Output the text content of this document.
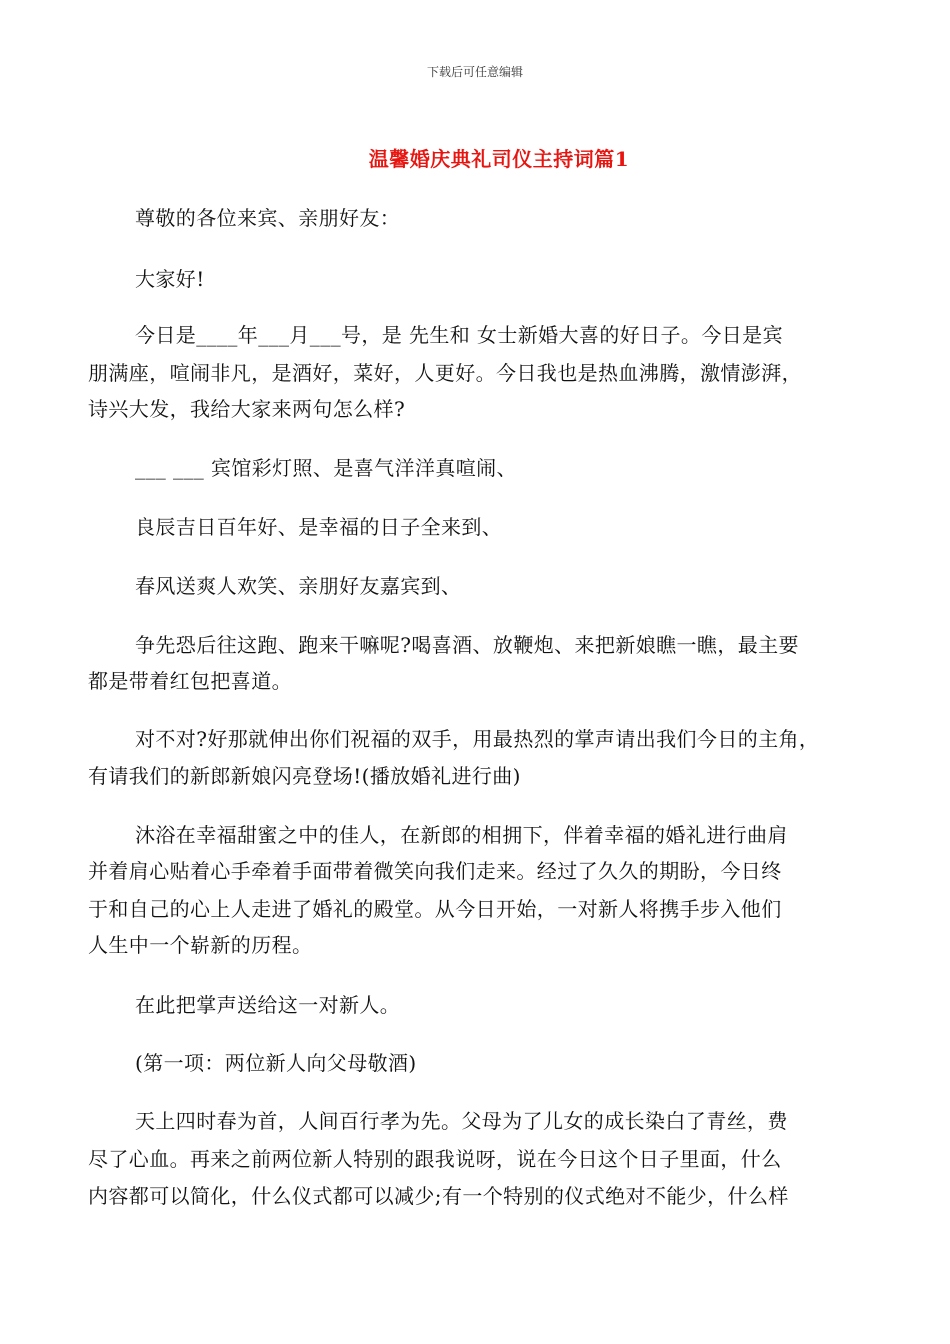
下载后可任意编辑
温馨婚庆典礼司仪主持词篇1
尊敬的各位来宾、亲朋好友：
大家好!
今日是____年___月___号，是 先生和 女士新婚大喜的好日子。今日是宾
朋满座，喧闹非凡，是酒好，菜好，人更好。今日我也是热血沸腾，激情澎湃，
诗兴大发，我给大家来两句怎么样?
___ ___ 宾馆彩灯照、是喜气洋洋真喧闹、
良辰吉日百年好、是幸福的日子全来到、
春风送爽人欢笑、亲朋好友嘉宾到、
争先恐后往这跑、跑来干嘛呢?喝喜酒、放鞭炮、来把新娘瞧一瞧，最主要
都是带着红包把喜道。
对不对?好那就伸出你们祝福的双手，用最热烈的掌声请出我们今日的主角，
有请我们的新郎新娘闪亮登场!(播放婚礼进行曲)
沐浴在幸福甜蜜之中的佳人，在新郎的相拥下，伴着幸福的婚礼进行曲肩
并着肩心贴着心手牵着手面带着微笑向我们走来。经过了久久的期盼，今日终
于和自己的心上人走进了婚礼的殿堂。从今日开始，一对新人将携手步入他们
人生中一个崭新的历程。
在此把掌声送给这一对新人。
(第一项：两位新人向父母敬酒)
天上四时春为首，人间百行孝为先。父母为了儿女的成长染白了青丝，费
尽了心血。再来之前两位新人特别的跟我说呀，说在今日这个日子里面，什么
内容都可以简化，什么仪式都可以减少;有一个特别的仪式绝对不能少，什么样
